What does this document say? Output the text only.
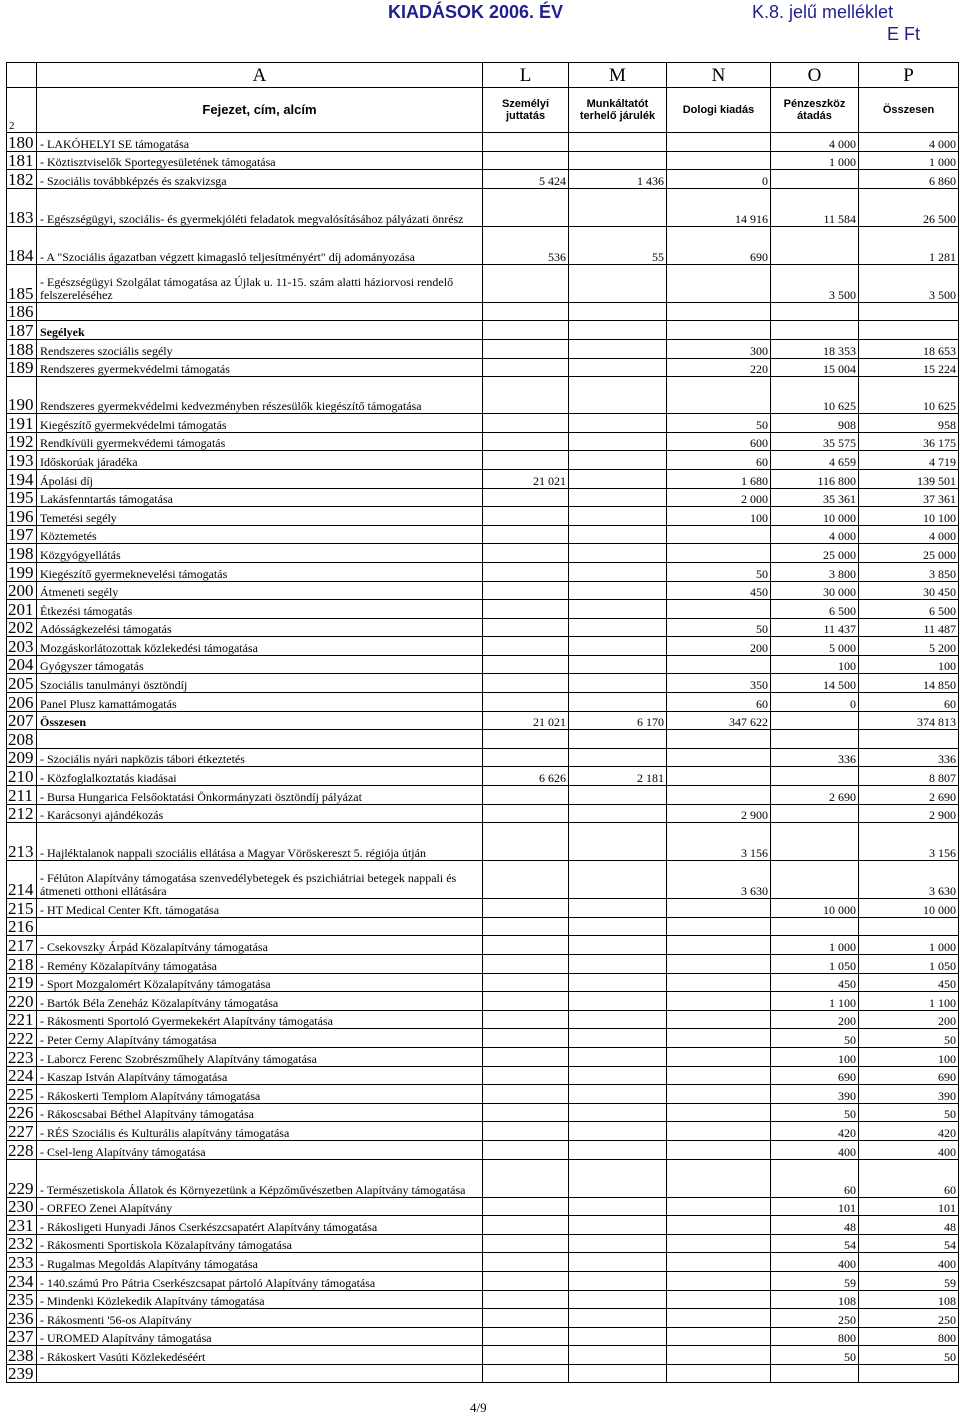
KIADÁSOK 2006. ÉV	K.8. jelű melléklet
E Ft
	A	L	M	N	O	P
2	Fejezet, cím, alcím	Személyi juttatás	Munkáltatót terhelő járulék	Dologi kiadás	Pénzeszköz átadás	Összesen
180	- LAKÓHELYI SE támogatása				4 000	4 000
181	- Köztisztviselők Sportegyesületének támogatása				1 000	1 000
182	- Szociális továbbképzés és szakvizsga	5 424	1 436	0		6 860
183	- Egészségügyi, szociális- és gyermekjóléti feladatok megvalósításához pályázati önrész			14 916	11 584	26 500
184	- A "Szociális ágazatban végzett kimagasló teljesítményért" díj adományozása	536	55	690		1 281
185	- Egészségügyi Szolgálat támogatása az Újlak u. 11-15. szám alatti háziorvosi rendelő felszereléséhez				3 500	3 500
186						
187	Segélyek					
188	Rendszeres szociális segély			300	18 353	18 653
189	Rendszeres gyermekvédelmi támogatás			220	15 004	15 224
190	Rendszeres gyermekvédelmi kedvezményben részesülők kiegészítő támogatása				10 625	10 625
191	Kiegészítő gyermekvédelmi támogatás			50	908	958
192	Rendkívüli gyermekvédemi támogatás			600	35 575	36 175
193	Időskorúak járadéka			60	4 659	4 719
194	Ápolási díj	21 021		1 680	116 800	139 501
195	Lakásfenntartás támogatása			2 000	35 361	37 361
196	Temetési segély			100	10 000	10 100
197	Köztemetés				4 000	4 000
198	Közgyógyellátás				25 000	25 000
199	Kiegészítő gyermeknevelési támogatás			50	3 800	3 850
200	Átmeneti segély			450	30 000	30 450
201	Étkezési támogatás				6 500	6 500
202	Adósságkezelési támogatás			50	11 437	11 487
203	Mozgáskorlátozottak közlekedési támogatása			200	5 000	5 200
204	Gyógyszer támogatás				100	100
205	Szociális tanulmányi ösztöndíj			350	14 500	14 850
206	Panel Plusz kamattámogatás			60	0	60
207	Összesen	21 021	6 170	347 622		374 813
208						
209	- Szociális nyári napközis tábori étkeztetés				336	336
210	- Közfoglalkoztatás kiadásai	6 626	2 181			8 807
211	- Bursa Hungarica Felsőoktatási Önkormányzati ösztöndíj pályázat				2 690	2 690
212	- Karácsonyi ajándékozás			2 900		2 900
213	- Hajléktalanok nappali szociális ellátása a Magyar Vöröskereszt 5. régiója útján			3 156		3 156
214	- Félúton Alapítvány támogatása szenvedélybetegek és pszichiátriai betegek nappali és átmeneti otthoni ellátására			3 630		3 630
215	- HT Medical Center Kft. támogatása				10 000	10 000
216						
217	- Csekovszky Árpád Közalapítvány támogatása				1 000	1 000
218	- Remény Közalapítvány támogatása				1 050	1 050
219	- Sport Mozgalomért Közalapítvány támogatása				450	450
220	- Bartók Béla Zeneház Közalapítvány támogatása				1 100	1 100
221	- Rákosmenti Sportoló Gyermekekért Alapítvány támogatása				200	200
222	- Peter Cerny Alapítvány támogatása				50	50
223	- Laborcz Ferenc Szobrészműhely Alapítvány támogatása				100	100
224	- Kaszap István Alapítvány támogatása				690	690
225	- Rákoskerti Templom Alapítvány támogatása				390	390
226	- Rákoscsabai Béthel Alapítvány támogatása				50	50
227	- RÉS Szociális és Kulturális alapítvány támogatása				420	420
228	- Csel-leng Alapítvány támogatása				400	400
229	- Természetiskola Állatok és Környezetünk a Képzőművészetben Alapítvány támogatása				60	60
230	- ORFEO Zenei Alapítvány				101	101
231	- Rákosligeti Hunyadi János Cserkészcsapatért Alapítvány támogatása				48	48
232	- Rákosmenti Sportiskola Közalapítvány támogatása				54	54
233	- Rugalmas Megoldás Alapítvány támogatása				400	400
234	- 140.számú Pro Pátria Cserkészcsapat pártoló Alapítvány támogatása				59	59
235	- Mindenki Közlekedik Alapítvány támogatása				108	108
236	- Rákosmenti '56-os Alapítvány				250	250
237	- UROMED Alapítvány támogatása				800	800
238	- Rákoskert Vasúti Közlekedéséért				50	50
239						
4/9
